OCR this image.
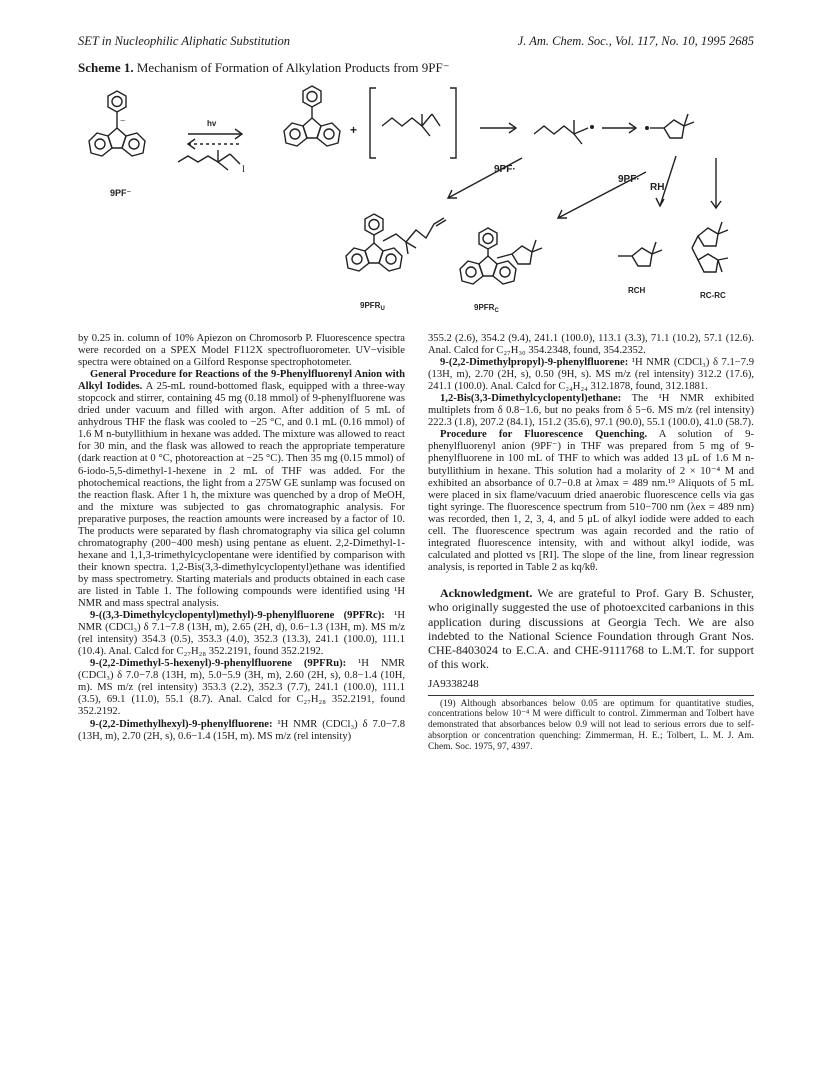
SET in Nucleophilic Aliphatic Substitution	J. Am. Chem. Soc., Vol. 117, No. 10, 1995 2685
Scheme 1. Mechanism of Formation of Alkylation Products from 9PF⁻
−
I
9PF⁻
hv	+
9PF·
9PF·
RH
$9PFR_U$	$9PFR_C$
RCH
RC-RC

by 0.25 in. column of 10% Apiezon on Chromosorb P. Fluorescence spectra were recorded on a SPEX Model F112X spectrofluorometer. UV−visible spectra were obtained on a Gilford Response spectrophotometer.

General Procedure for Reactions of the 9-Phenylfluorenyl Anion with Alkyl Iodides. A 25-mL round-bottomed flask, equipped with a three-way stopcock and stirrer, containing 45 mg (0.18 mmol) of 9-phenylfluorene was dried under vacuum and filled with argon. After addition of 5 mL of anhydrous THF the flask was cooled to −25 °C, and 0.1 mL (0.16 mmol) of 1.6 M n-butyllithium in hexane was added. The mixture was allowed to react for 30 min, and the flask was allowed to reach the appropriate temperature (dark reaction at 0 °C, photoreaction at −25 °C). Then 35 mg (0.15 mmol) of 6-iodo-5,5-dimethyl-1-hexene in 2 mL of THF was added. For the photochemical reactions, the light from a 275W GE sunlamp was focused on the reaction flask. After 1 h, the mixture was quenched by a drop of MeOH, and the mixture was subjected to gas chromatographic analysis. For preparative purposes, the reaction amounts were increased by a factor of 10. The products were separated by flash chromatography via silica gel column chromatography (200−400 mesh) using pentane as eluent. 2,2-Dimethyl-1-hexane and 1,1,3-trimethylcyclopentane were identified by comparison with their known spectra. 1,2-Bis(3,3-dimethylcyclopentyl)ethane was identified by mass spectrometry. Starting materials and products obtained in each case are listed in Table 1. The following compounds were identified using ¹H NMR and mass spectral analysis.

9-((3,3-Dimethylcyclopentyl)methyl)-9-phenylfluorene (9PFRc): ¹H NMR (CDCl₃) δ 7.1−7.8 (13H, m), 2.65 (2H, d), 0.6−1.3 (13H, m). MS m/z (rel intensity) 354.3 (0.5), 353.3 (4.0), 352.3 (13.3), 241.1 (100.0), 111.1 (10.4). Anal. Calcd for C₂₇H₂₈ 352.2191, found 352.2192.

9-(2,2-Dimethyl-5-hexenyl)-9-phenylfluorene (9PFRu): ¹H NMR (CDCl₃) δ 7.0−7.8 (13H, m), 5.0−5.9 (3H, m), 2.60 (2H, s), 0.8−1.4 (10H, m). MS m/z (rel intensity) 353.3 (2.2), 352.3 (7.7), 241.1 (100.0), 111.1 (3.5), 69.1 (11.0), 55.1 (8.7). Anal. Calcd for C₂₇H₂₈ 352.2191, found 352.2192.

9-(2,2-Dimethylhexyl)-9-phenylfluorene: ¹H NMR (CDCl₃) δ 7.0−7.8 (13H, m), 2.70 (2H, s), 0.6−1.4 (15H, m). MS m/z (rel intensity)

355.2 (2.6), 354.2 (9.4), 241.1 (100.0), 113.1 (3.3), 71.1 (10.2), 57.1 (12.6). Anal. Calcd for C₂₇H₃₀ 354.2348, found, 354.2352.

9-(2,2-Dimethylpropyl)-9-phenylfluorene: ¹H NMR (CDCl₃) δ 7.1−7.9 (13H, m), 2.70 (2H, s), 0.50 (9H, s). MS m/z (rel intensity) 312.2 (17.6), 241.1 (100.0). Anal. Calcd for C₂₄H₂₄ 312.1878, found, 312.1881.

1,2-Bis(3,3-Dimethylcyclopentyl)ethane: The ¹H NMR exhibited multiplets from δ 0.8−1.6, but no peaks from δ 5−6. MS m/z (rel intensity) 222.3 (1.8), 207.2 (84.1), 151.2 (35.6), 97.1 (90.0), 55.1 (100.0), 41.0 (58.7).

Procedure for Fluorescence Quenching. A solution of 9-phenylfluorenyl anion (9PF⁻) in THF was prepared from 5 mg of 9-phenylfluorene in 100 mL of THF to which was added 13 μL of 1.6 M n-butyllithium in hexane. This solution had a molarity of 2 × 10⁻⁴ M and exhibited an absorbance of 0.7−0.8 at λmax = 489 nm.¹⁹ Aliquots of 5 mL were placed in six flame/vacuum dried anaerobic fluorescence cells via gas tight syringe. The fluorescence spectrum from 510−700 nm (λex = 489 nm) was recorded, then 1, 2, 3, 4, and 5 μL of alkyl iodide were added to each cell. The fluorescence spectrum was again recorded and the ratio of integrated fluorescence intensity, with and without alkyl iodide, was calculated and plotted vs [RI]. The slope of the line, from linear regression analysis, is reported in Table 2 as kq/kθ.

Acknowledgment. We are grateful to Prof. Gary B. Schuster, who originally suggested the use of photoexcited carbanions in this application during discussions at Georgia Tech. We are also indebted to the National Science Foundation through Grant Nos. CHE-8403024 to E.C.A. and CHE-9111768 to L.M.T. for support of this work.

JA9338248

(19) Although absorbances below 0.05 are optimum for quantitative studies, concentrations below 10⁻⁴ M were difficult to control. Zimmerman and Tolbert have demonstrated that absorbances below 0.9 will not lead to serious errors due to self-absorption or concentration quenching: Zimmerman, H. E.; Tolbert, L. M. J. Am. Chem. Soc. 1975, 97, 4397.
